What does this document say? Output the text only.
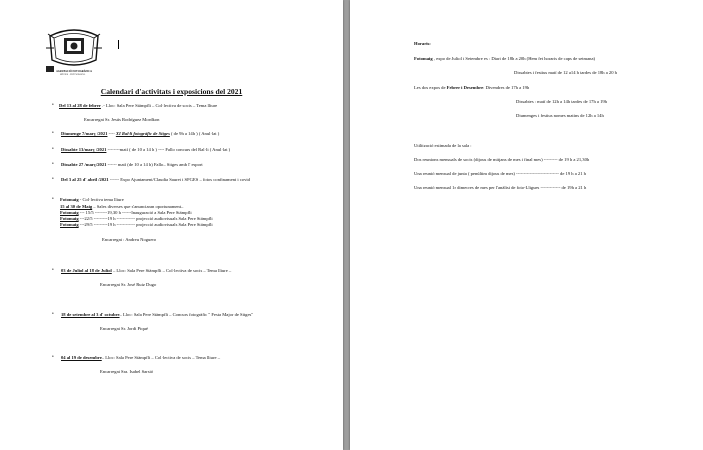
AGRUPACIÓ FOTOGRÀFICA
SITGES · FOTOGRAFIA
Calendari d'activitats i exposicions del 2021
• Del 13 al 28 de febrer .- Lloc: Sala Pere Stämpfli – Col·lectiva de socis – Tema lliure
Encarregat Sr. Jesús Rodríguez Mordkon
• Diumenge 7/març /2021 ---- XI Ral·li fotogràfic de Sitges ( de 9h a 14h ) ( Anul·lat )
• Dissabte 13/març /2021 --------matí ( de 10 a 14 h ) ---- Fallo concurs del Ral·li ( Anul·lat )
• Dissabte 27 /març/2021 ------ matí (de 10 a 14 h) Fallo– Sitges amb l' esport
• Del 3 al 25 d' abril /2021 ------ Expo Ajuntament/Claudia Sauret i SFGES – fotos confinament i covid
• Fotomaig - Col·lectiva tema lliure
15 al 30 de Maig – Sales diverses que s'anunciaran oportunament–
Fotomaig --- 15/5 --------19,30 h ------Inauguració a Sala Pere Stämpfli
Fotomaig ---22/5 ---------19 h ------------ projecció audiovisuals Sala Pere Stämpfli
Fotomaig ---29/5 ---------19 h ------------ projecció audiovisuals Sala Pere Stämpfli
Encarregat : Andreu Noguero
• 03 de Juliol al 18 de Juliol – Lloc: Sala Pere Stämpfli – Col·lectiva de socis – Tema lliure –
Encarregat Sr. José Ruiz Dugo
• 18 de setembre al 3 d' octubre– Lloc: Sala Pere Stämpfli – Concurs fotogràfic " Festa Major de Sitges"
Encarregat Sr. Jordi Piqué
• 04 al 19 de desembre– Lloc: Sala Pere Stämpfli – Col·lectiva de socis – Tema lliure –
Encarregat Sra. Isabel Sarsió
Horaris:
Fotomaig , expo de Juliol i Setembre es : Diari de 18h a 20h (Hem fet horaris de caps de setmana)
Dissabtes i festius matí de 12 a14 h tardes de 18h a 20 h
Les dos expos de Febrer i Desembre: Divendres de 17h a 19h
Dissabtes : matí de 12h a 14h tardes de 17h a 19h
Diumenges i festius nomes matins de 12h a 14h
Utilització estimada de la sala :
Dos reunions mensuals de socis (dijous de mitjans de mes i final mes) --------- de 19 h a 21,30h
Una reunió mensual de junta ( penúltim dijous de mes) ---------------------------- de 19 h a 21 h
Una reunió mensual 1r dimecres de mes per l'anàlisi de foto-Lligues ------------- de 19h a 21 h
